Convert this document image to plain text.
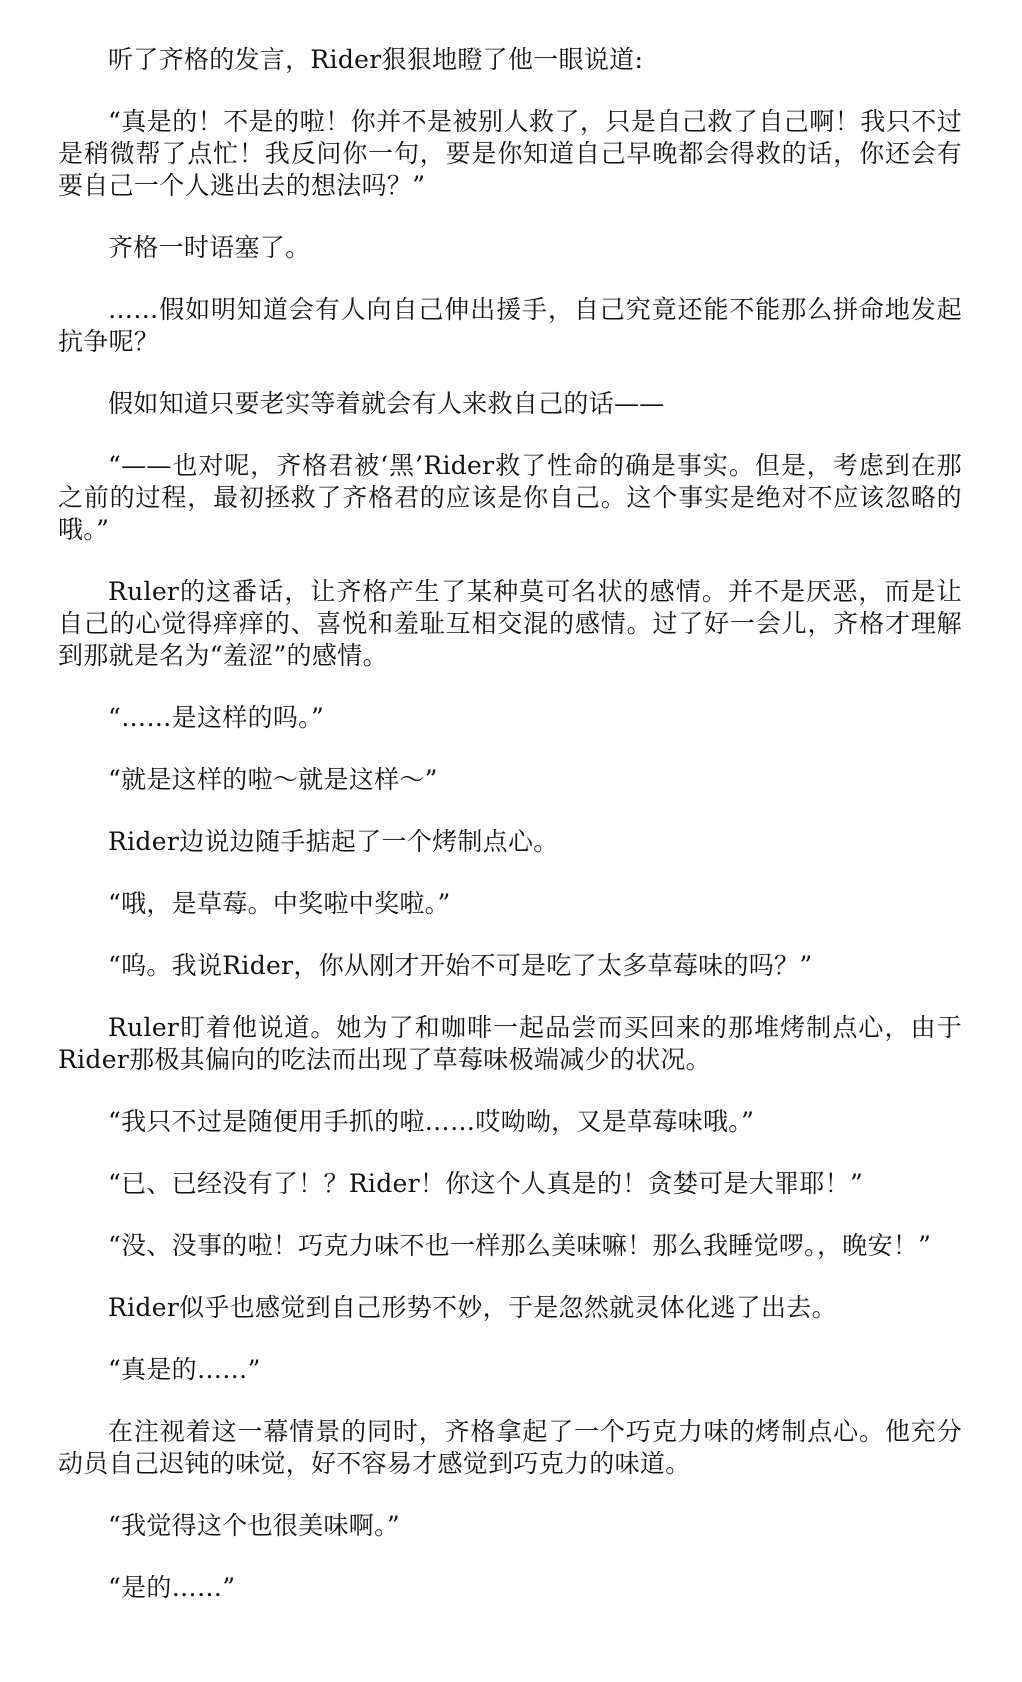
听了齐格的发言，Rider狠狠地瞪了他一眼说道:

“真是的！不是的啦！你并不是被别人救了，只是自己救了自己啊！我只不过是稍微帮了点忙！我反问你一句，要是你知道自己早晚都会得救的话，你还会有要自己一个人逃出去的想法吗？”

齐格一时语塞了。

……假如明知道会有人向自己伸出援手，自己究竟还能不能那么拼命地发起抗争呢？

假如知道只要老实等着就会有人来救自己的话——

“——也对呢，齐格君被‘黑’Rider救了性命的确是事实。但是，考虑到在那之前的过程，最初拯救了齐格君的应该是你自己。这个事实是绝对不应该忽略的哦。”

Ruler的这番话，让齐格产生了某种莫可名状的感情。并不是厌恶，而是让自己的心觉得痒痒的、喜悦和羞耻互相交混的感情。过了好一会儿，齐格才理解到那就是名为“羞涩”的感情。

“……是这样的吗。”

“就是这样的啦～就是这样～”

Rider边说边随手掂起了一个烤制点心。

“哦，是草莓。中奖啦中奖啦。”

“呜。我说Rider，你从刚才开始不可是吃了太多草莓味的吗？”

Ruler盯着他说道。她为了和咖啡一起品尝而买回来的那堆烤制点心，由于Rider那极其偏向的吃法而出现了草莓味极端减少的状况。

“我只不过是随便用手抓的啦……哎呦呦，又是草莓味哦。”

“已、已经没有了！？Rider！你这个人真是的！贪婪可是大罪耶！”

“没、没事的啦！巧克力味不也一样那么美味嘛！那么我睡觉啰。，晚安！”

Rider似乎也感觉到自己形势不妙，于是忽然就灵体化逃了出去。

“真是的……”

在注视着这一幕情景的同时，齐格拿起了一个巧克力味的烤制点心。他充分动员自己迟钝的味觉，好不容易才感觉到巧克力的味道。

“我觉得这个也很美味啊。”

“是的……”
